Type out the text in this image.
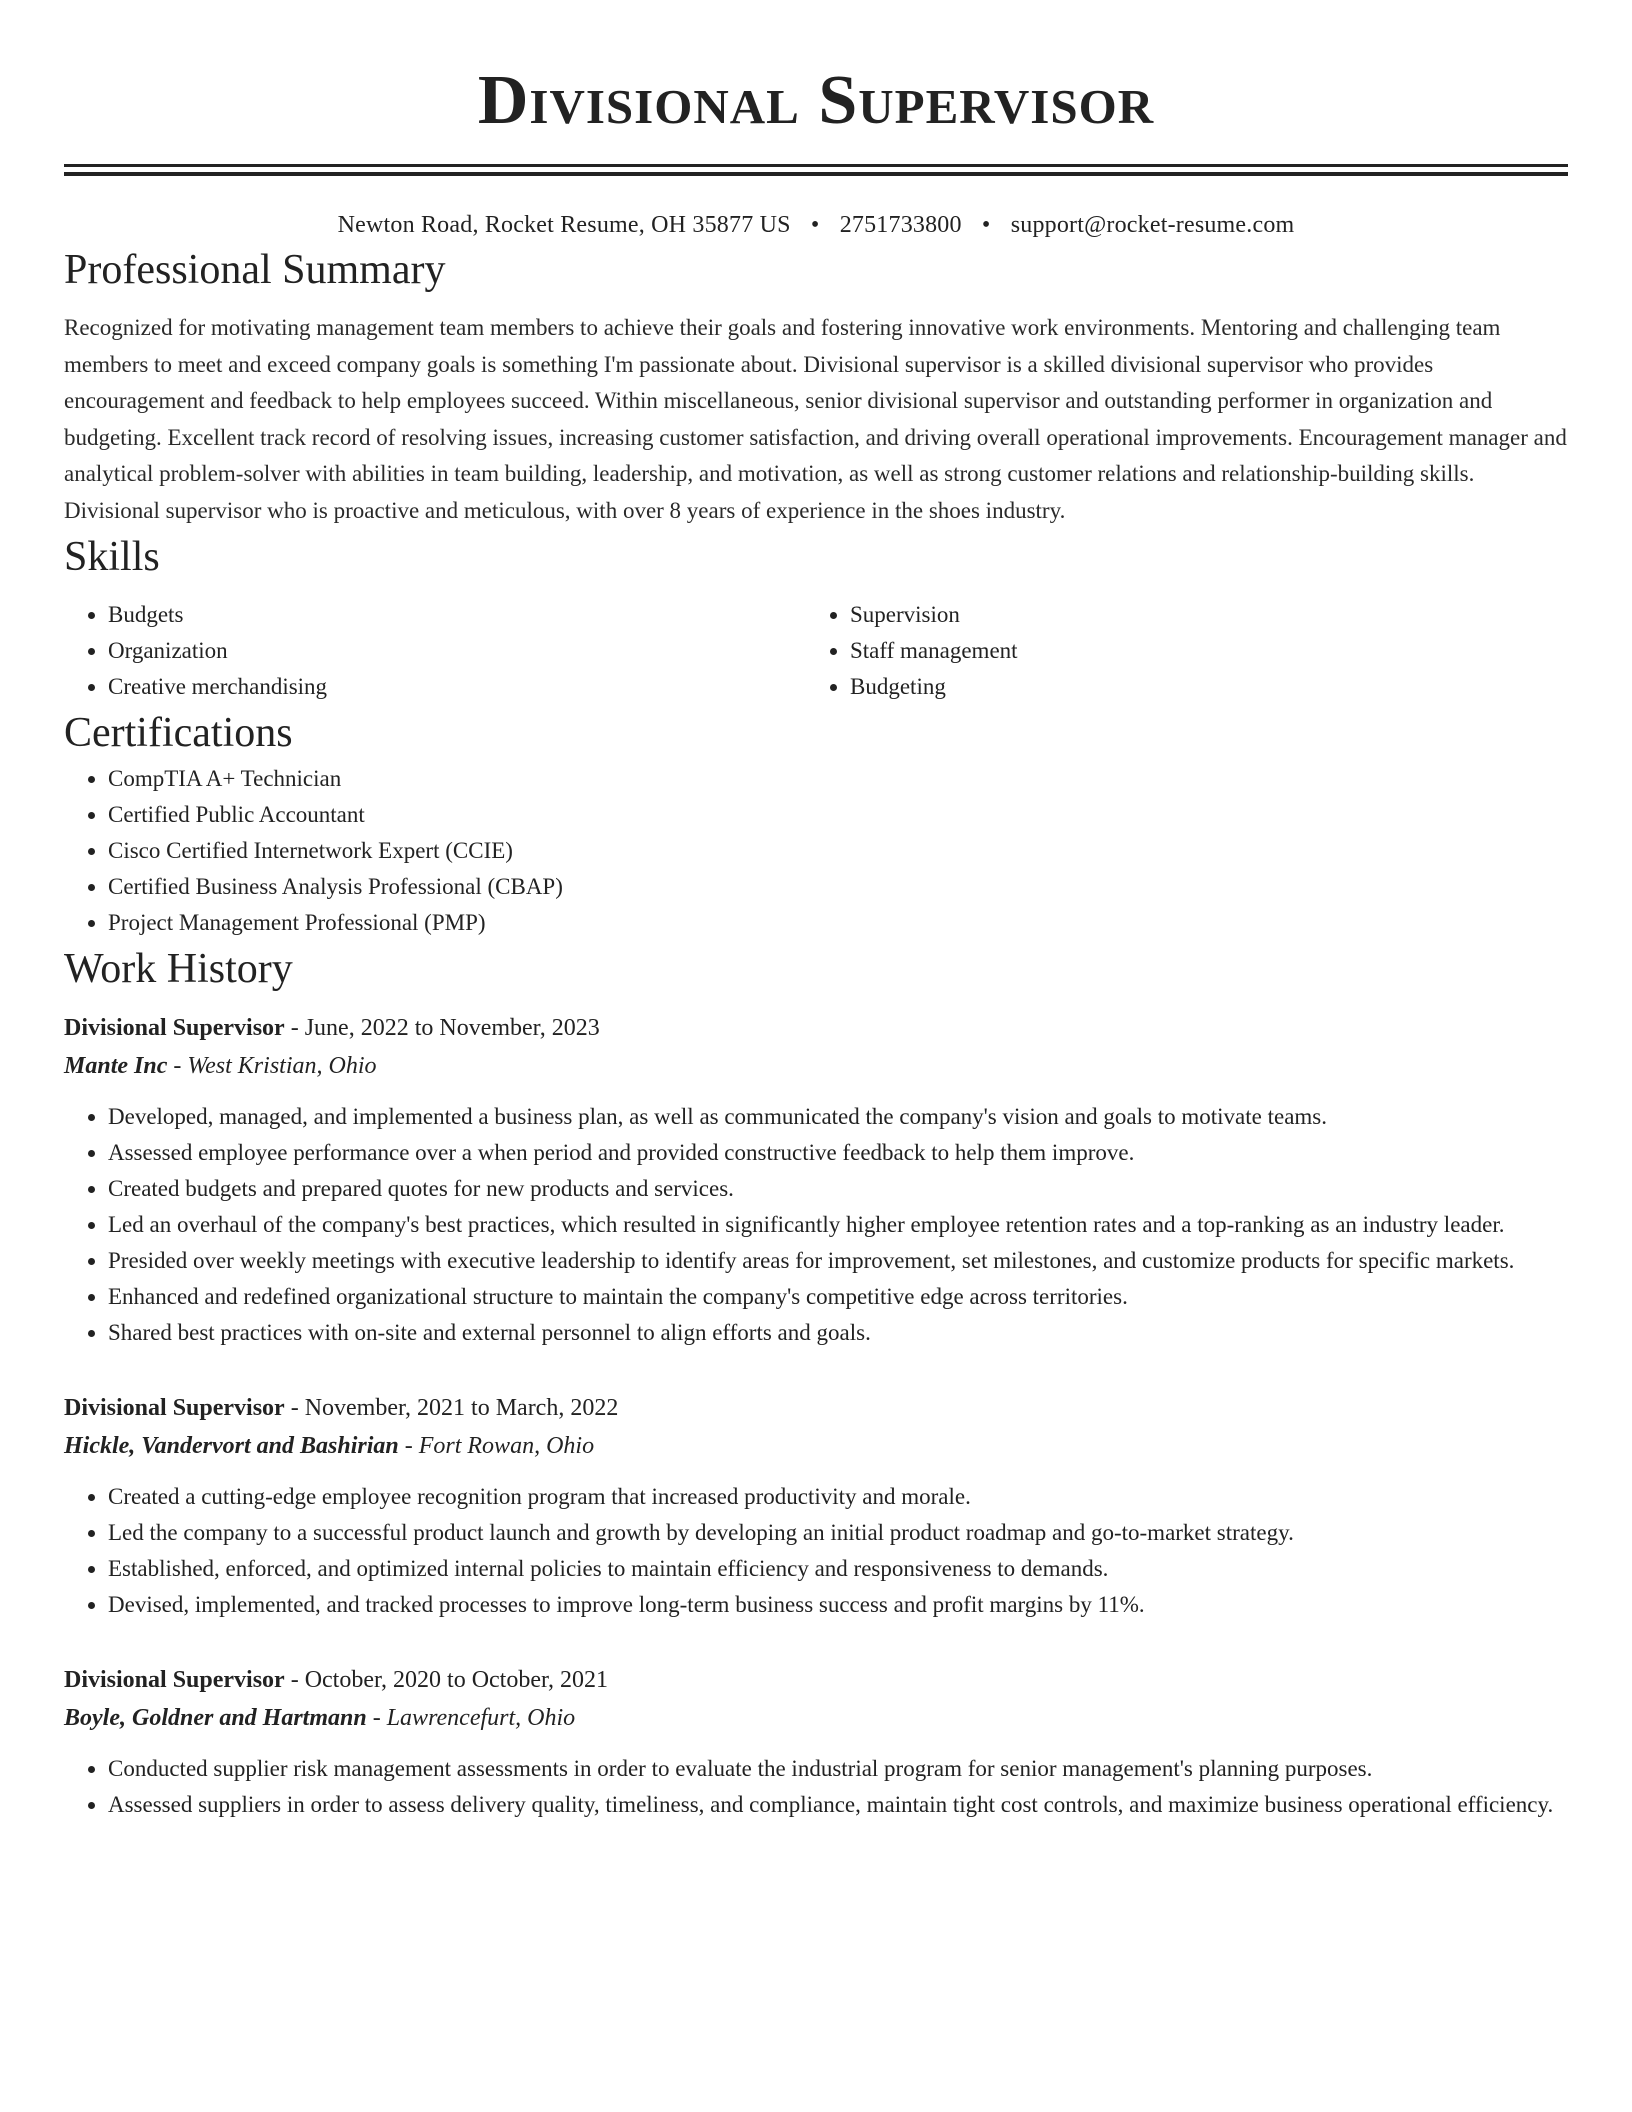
Divisional Supervisor
Newton Road, Rocket Resume, OH 35877 US • 2751733800 • support@rocket-resume.com
Professional Summary

Recognized for motivating management team members to achieve their goals and fostering innovative work environments. Mentoring and challenging team members to meet and exceed company goals is something I'm passionate about. Divisional supervisor is a skilled divisional supervisor who provides encouragement and feedback to help employees succeed. Within miscellaneous, senior divisional supervisor and outstanding performer in organization and budgeting. Excellent track record of resolving issues, increasing customer satisfaction, and driving overall operational improvements. Encouragement manager and analytical problem-solver with abilities in team building, leadership, and motivation, as well as strong customer relations and relationship-building skills. Divisional supervisor who is proactive and meticulous, with over 8 years of experience in the shoes industry.

Skills
• Budgets
• Organization
• Creative merchandising
• Supervision
• Staff management
• Budgeting
Certifications
• CompTIA A+ Technician
• Certified Public Accountant
• Cisco Certified Internetwork Expert (CCIE)
• Certified Business Analysis Professional (CBAP)
• Project Management Professional (PMP)
Work History
Divisional Supervisor - June, 2022 to November, 2023
Mante Inc - West Kristian, Ohio
• Developed, managed, and implemented a business plan, as well as communicated the company's vision and goals to motivate teams.
• Assessed employee performance over a when period and provided constructive feedback to help them improve.
• Created budgets and prepared quotes for new products and services.
• Led an overhaul of the company's best practices, which resulted in significantly higher employee retention rates and a top-ranking as an industry leader.
• Presided over weekly meetings with executive leadership to identify areas for improvement, set milestones, and customize products for specific markets.
• Enhanced and redefined organizational structure to maintain the company's competitive edge across territories.
• Shared best practices with on-site and external personnel to align efforts and goals.
Divisional Supervisor - November, 2021 to March, 2022
Hickle, Vandervort and Bashirian - Fort Rowan, Ohio
• Created a cutting-edge employee recognition program that increased productivity and morale.
• Led the company to a successful product launch and growth by developing an initial product roadmap and go-to-market strategy.
• Established, enforced, and optimized internal policies to maintain efficiency and responsiveness to demands.
• Devised, implemented, and tracked processes to improve long-term business success and profit margins by 11%.
Divisional Supervisor - October, 2020 to October, 2021
Boyle, Goldner and Hartmann - Lawrencefurt, Ohio
• Conducted supplier risk management assessments in order to evaluate the industrial program for senior management's planning purposes.
• Assessed suppliers in order to assess delivery quality, timeliness, and compliance, maintain tight cost controls, and maximize business operational efficiency.
